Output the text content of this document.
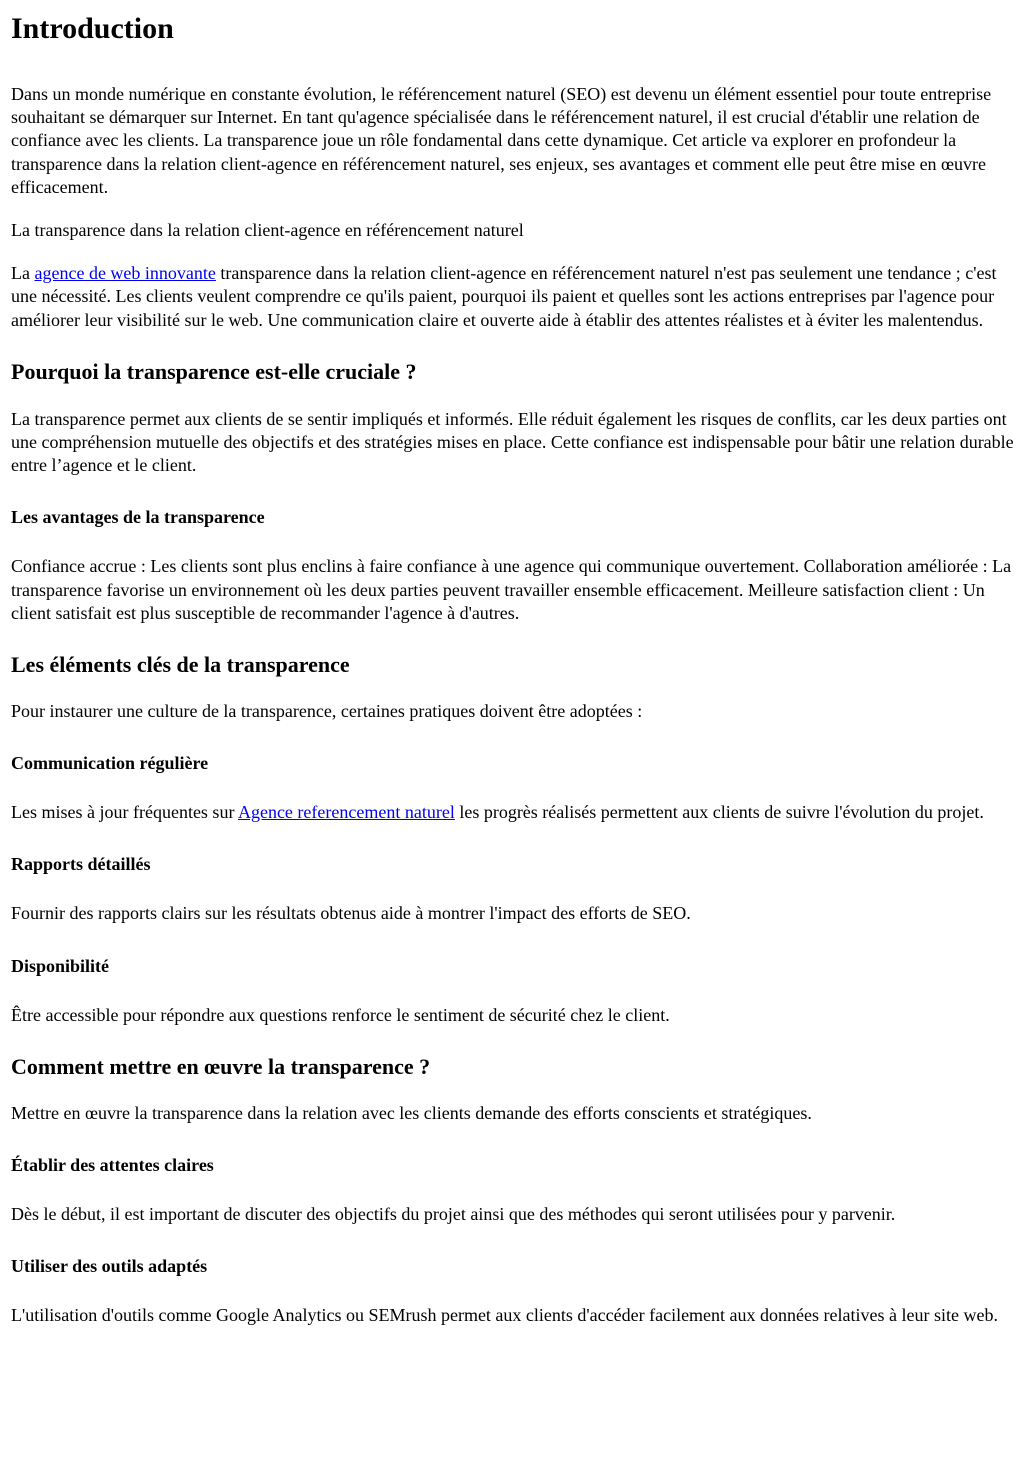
Introduction

Dans un monde numérique en constante évolution, le référencement naturel (SEO) est devenu un élément essentiel pour toute entreprise souhaitant se démarquer sur Internet. En tant qu'agence spécialisée dans le référencement naturel, il est crucial d'établir une relation de confiance avec les clients. La transparence joue un rôle fondamental dans cette dynamique. Cet article va explorer en profondeur la transparence dans la relation client-agence en référencement naturel, ses enjeux, ses avantages et comment elle peut être mise en œuvre efficacement.

La transparence dans la relation client-agence en référencement naturel

La agence de web innovante transparence dans la relation client-agence en référencement naturel n'est pas seulement une tendance ; c'est une nécessité. Les clients veulent comprendre ce qu'ils paient, pourquoi ils paient et quelles sont les actions entreprises par l'agence pour améliorer leur visibilité sur le web. Une communication claire et ouverte aide à établir des attentes réalistes et à éviter les malentendus.

Pourquoi la transparence est-elle cruciale ?

La transparence permet aux clients de se sentir impliqués et informés. Elle réduit également les risques de conflits, car les deux parties ont une compréhension mutuelle des objectifs et des stratégies mises en place. Cette confiance est indispensable pour bâtir une relation durable entre l’agence et le client.

Les avantages de la transparence

Confiance accrue : Les clients sont plus enclins à faire confiance à une agence qui communique ouvertement. Collaboration améliorée : La transparence favorise un environnement où les deux parties peuvent travailler ensemble efficacement. Meilleure satisfaction client : Un client satisfait est plus susceptible de recommander l'agence à d'autres.

Les éléments clés de la transparence

Pour instaurer une culture de la transparence, certaines pratiques doivent être adoptées :

Communication régulière

Les mises à jour fréquentes sur Agence referencement naturel les progrès réalisés permettent aux clients de suivre l'évolution du projet.

Rapports détaillés

Fournir des rapports clairs sur les résultats obtenus aide à montrer l'impact des efforts de SEO.

Disponibilité

Être accessible pour répondre aux questions renforce le sentiment de sécurité chez le client.

Comment mettre en œuvre la transparence ?

Mettre en œuvre la transparence dans la relation avec les clients demande des efforts conscients et stratégiques.

Établir des attentes claires

Dès le début, il est important de discuter des objectifs du projet ainsi que des méthodes qui seront utilisées pour y parvenir.

Utiliser des outils adaptés

L'utilisation d'outils comme Google Analytics ou SEMrush permet aux clients d'accéder facilement aux données relatives à leur site web.
